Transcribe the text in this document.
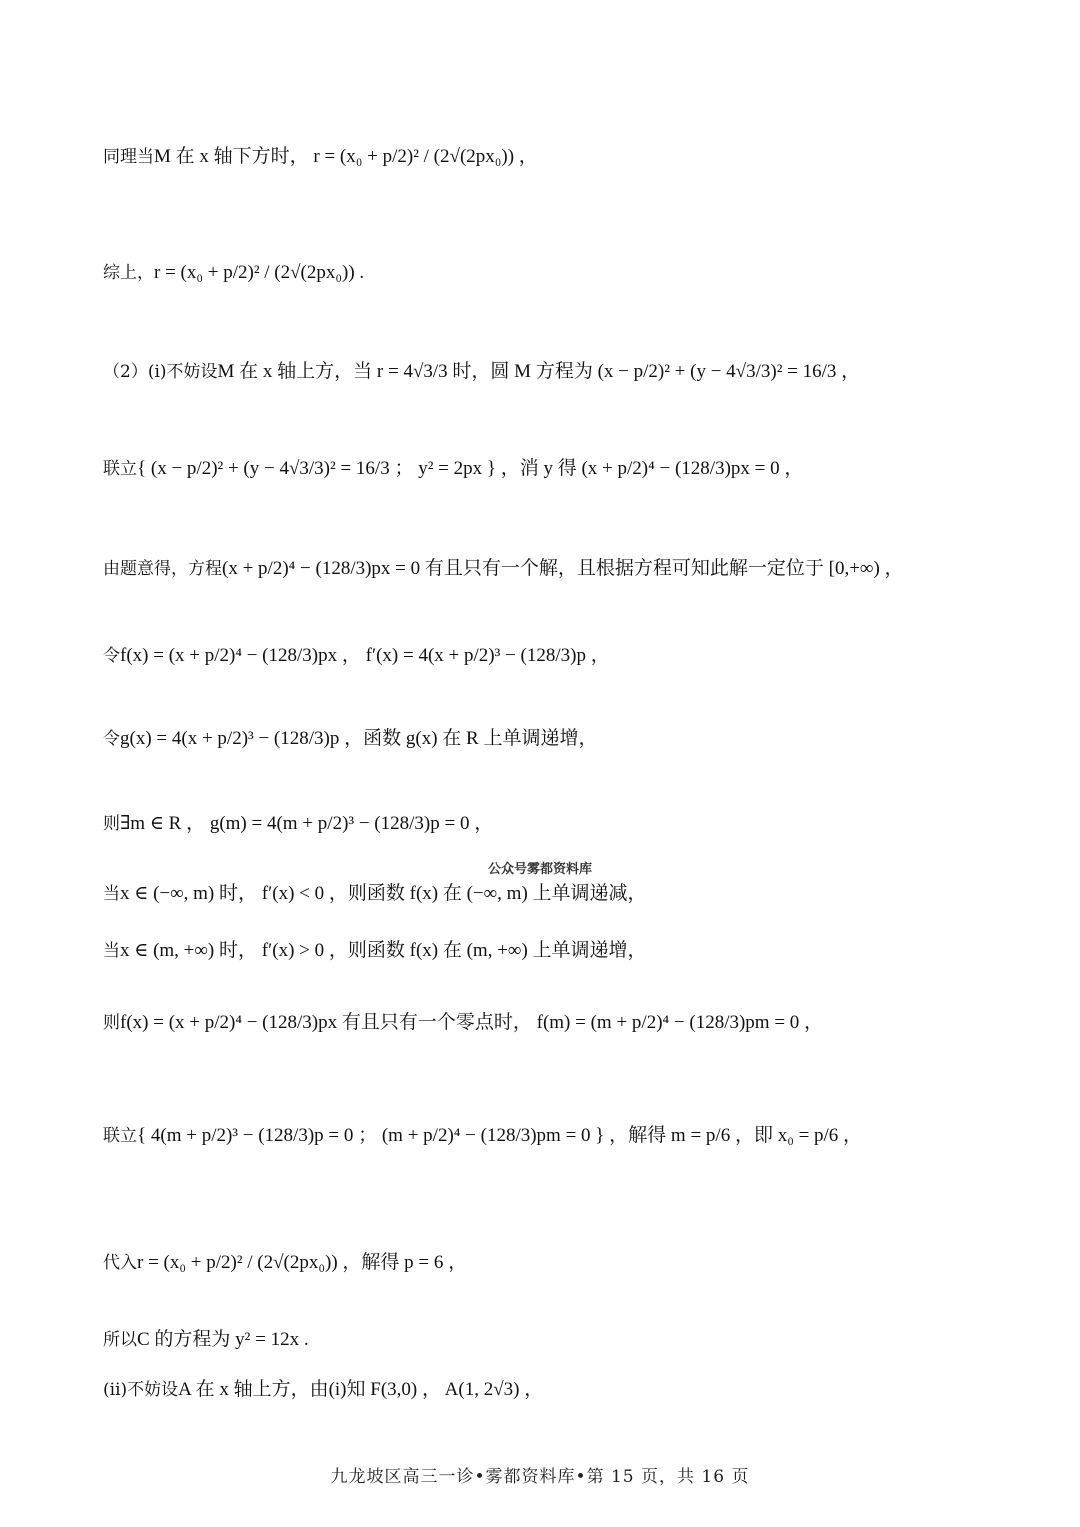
同理当 M 在 x 轴下方时， r = (x₀ + p/2)² / (2√(2px₀)) ，
综上， r = (x₀ + p/2)² / (2√(2px₀)) .
（2）(i)不妨设 M 在 x 轴上方，当 r = 4√3/3 时，圆 M 方程为 (x − p/2)² + (y − 4√3/3)² = 16/3 ，
联立 { (x − p/2)² + (y − 4√3/3)² = 16/3 ； y² = 2px } ，消 y 得 (x + p/2)⁴ − (128/3)px = 0 ，
由题意得，方程 (x + p/2)⁴ − (128/3)px = 0 有且只有一个解，且根据方程可知此解一定位于 [0,+∞) ，
令 f(x) = (x + p/2)⁴ − (128/3)px ， f′(x) = 4(x + p/2)³ − (128/3)p ，
令 g(x) = 4(x + p/2)³ − (128/3)p ，函数 g(x) 在 R 上单调递增，
则 ∃m ∈ R ， g(m) = 4(m + p/2)³ − (128/3)p = 0 ，
公众号雾都资料库
当 x ∈ (−∞, m) 时， f′(x) < 0 ，则函数 f(x) 在 (−∞, m) 上单调递减，
当 x ∈ (m, +∞) 时， f′(x) > 0 ，则函数 f(x) 在 (m, +∞) 上单调递增，
则 f(x) = (x + p/2)⁴ − (128/3)px 有且只有一个零点时， f(m) = (m + p/2)⁴ − (128/3)pm = 0 ，
联立 { 4(m + p/2)³ − (128/3)p = 0 ； (m + p/2)⁴ − (128/3)pm = 0 } ，解得 m = p/6 ，即 x₀ = p/6 ，
代入 r = (x₀ + p/2)² / (2√(2px₀)) ，解得 p = 6 ，
所以 C 的方程为 y² = 12x .
(ii)不妨设 A 在 x 轴上方，由(i)知 F(3,0) ， A(1, 2√3) ，
九龙坡区高三一诊•雾都资料库•第 15 页，共 16 页
